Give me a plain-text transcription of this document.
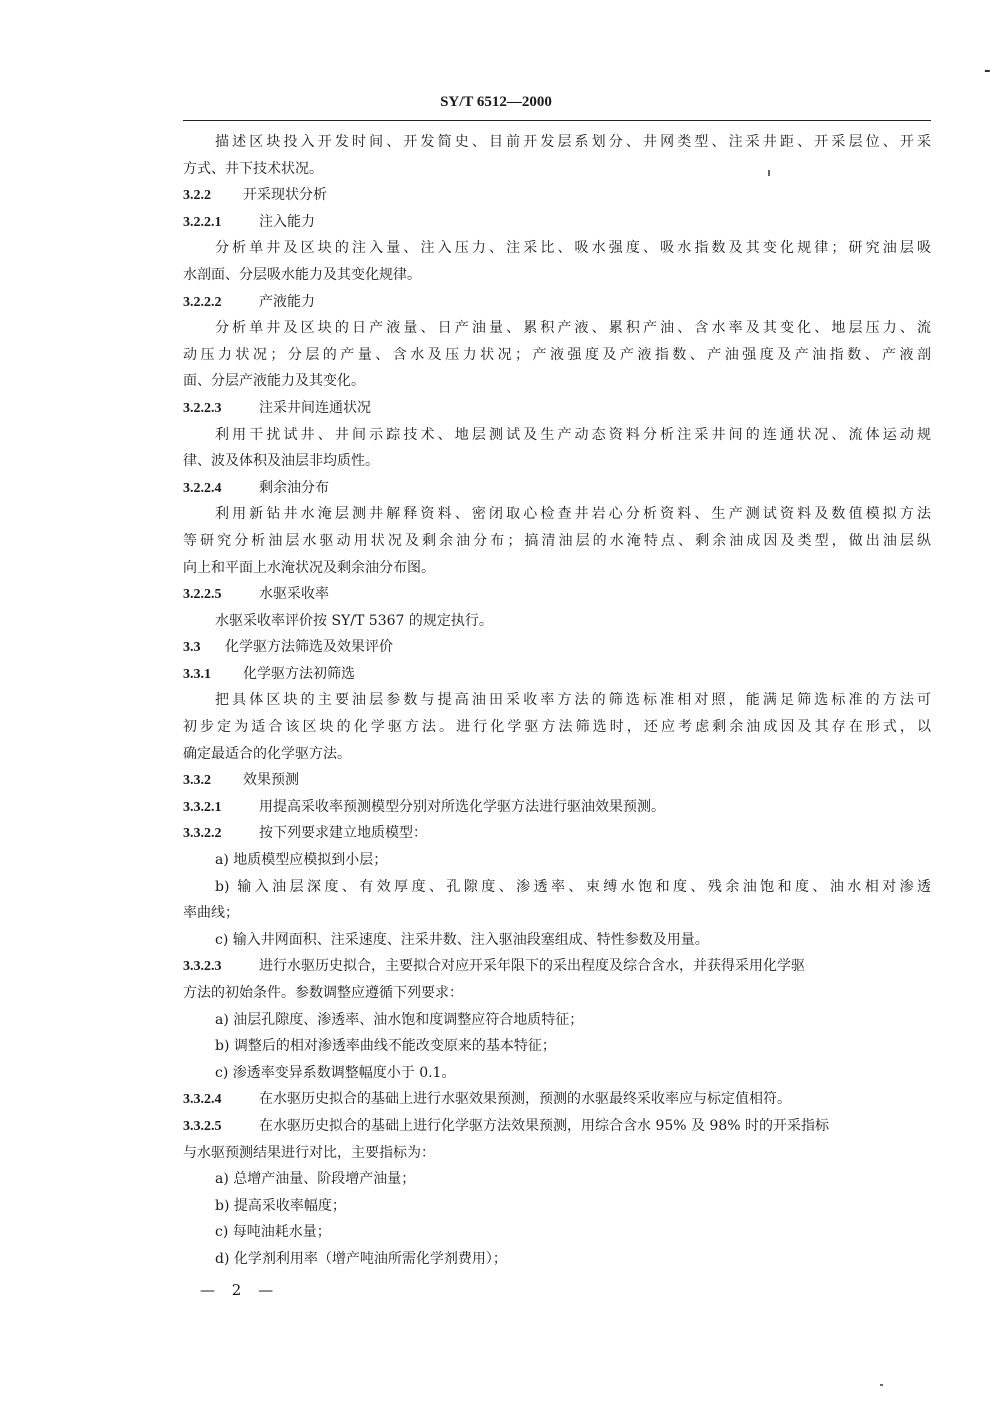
-
SY/T 6512—2000
描述区块投入开发时间、开发简史、目前开发层系划分、井网类型、注采井距、开采层位、开采
方式、井下技术状况。
3.2.2 开采现状分析
3.2.2.1	注入能力
分析单井及区块的注入量、注入压力、注采比、吸水强度、吸水指数及其变化规律；研究油层吸
水剖面、分层吸水能力及其变化规律。
3.2.2.2	产液能力
分析单井及区块的日产液量、日产油量、累积产液、累积产油、含水率及其变化、地层压力、流
动压力状况；分层的产量、含水及压力状况；产液强度及产液指数、产油强度及产油指数、产液剖
面、分层产液能力及其变化。
3.2.2.3	注采井间连通状况
利用干扰试井、井间示踪技术、地层测试及生产动态资料分析注采井间的连通状况、流体运动规
律、波及体积及油层非均质性。
3.2.2.4	剩余油分布
利用新钻井水淹层测井解释资料、密闭取心检查井岩心分析资料、生产测试资料及数值模拟方法
等研究分析油层水驱动用状况及剩余油分布；搞清油层的水淹特点、剩余油成因及类型，做出油层纵
向上和平面上水淹状况及剩余油分布图。
3.2.2.5	水驱采收率
水驱采收率评价按 SY/T 5367 的规定执行。
3.3 化学驱方法筛选及效果评价
3.3.1 化学驱方法初筛选
把具体区块的主要油层参数与提高油田采收率方法的筛选标准相对照，能满足筛选标准的方法可
初步定为适合该区块的化学驱方法。进行化学驱方法筛选时，还应考虑剩余油成因及其存在形式，以
确定最适合的化学驱方法。
3.3.2 效果预测
3.3.2.1	用提高采收率预测模型分别对所选化学驱方法进行驱油效果预测。
3.3.2.2	按下列要求建立地质模型：
a) 地质模型应模拟到小层；
b) 输入油层深度、有效厚度、孔隙度、渗透率、束缚水饱和度、残余油饱和度、油水相对渗透
率曲线；
c) 输入井网面积、注采速度、注采井数、注入驱油段塞组成、特性参数及用量。
3.3.2.3	进行水驱历史拟合，主要拟合对应开采年限下的采出程度及综合含水，并获得采用化学驱
方法的初始条件。参数调整应遵循下列要求：
a) 油层孔隙度、渗透率、油水饱和度调整应符合地质特征；
b) 调整后的相对渗透率曲线不能改变原来的基本特征；
c) 渗透率变异系数调整幅度小于 0.1。
3.3.2.4	在水驱历史拟合的基础上进行水驱效果预测，预测的水驱最终采收率应与标定值相符。
3.3.2.5	在水驱历史拟合的基础上进行化学驱方法效果预测，用综合含水 95% 及 98% 时的开采指标
与水驱预测结果进行对比，主要指标为：
a) 总增产油量、阶段增产油量；
b) 提高采收率幅度；
c) 每吨油耗水量；
d) 化学剂利用率（增产吨油所需化学剂费用）；
— 2 —
